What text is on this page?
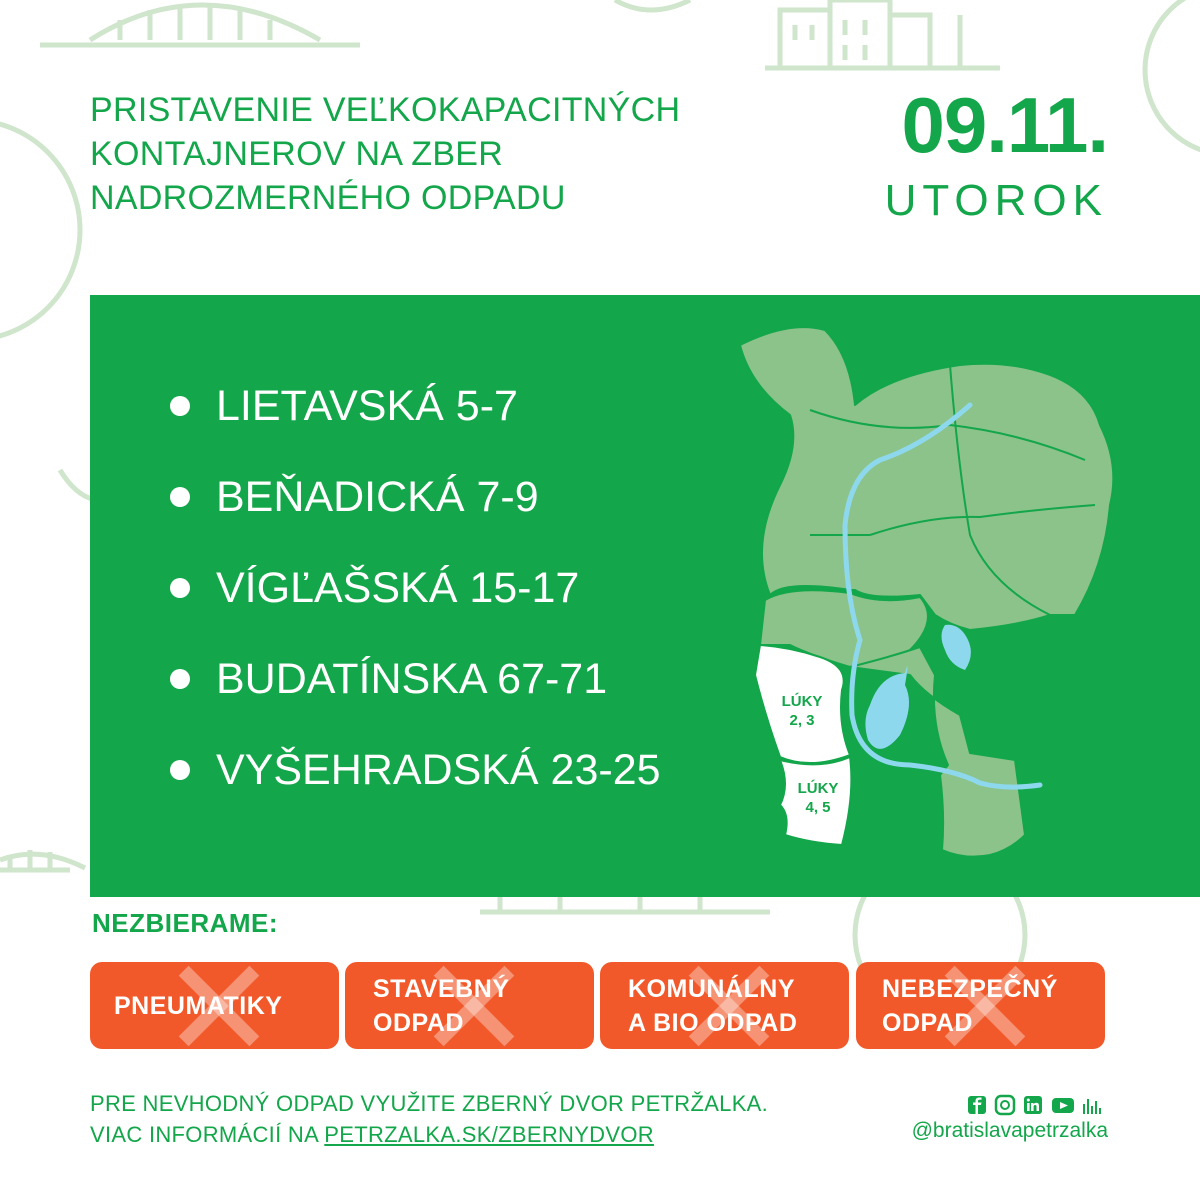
PRISTAVENIE VEĽKOKAPACITNÝCH
KONTAJNEROV NA ZBER
NADROZMERNÉHO ODPADU
09.11.
UTOROK
LIETAVSKÁ 5-7
BEŇADICKÁ 7-9
VÍGĽAŠSKÁ 15-17
BUDATÍNSKA 67-71
VYŠEHRADSKÁ 23-25
LÚKY 2, 3
LÚKY 4, 5
NEZBIERAME:
PNEUMATIKY
STAVEBNÝ
ODPAD
KOMUNÁLNY
A BIO ODPAD
NEBEZPEČNÝ
ODPAD
PRE NEVHODNÝ ODPAD VYUŽITE ZBERNÝ DVOR PETRŽALKA.
VIAC INFORMÁCIÍ NA PETRZALKA.SK/ZBERNYDVOR	@bratislavapetrzalka
